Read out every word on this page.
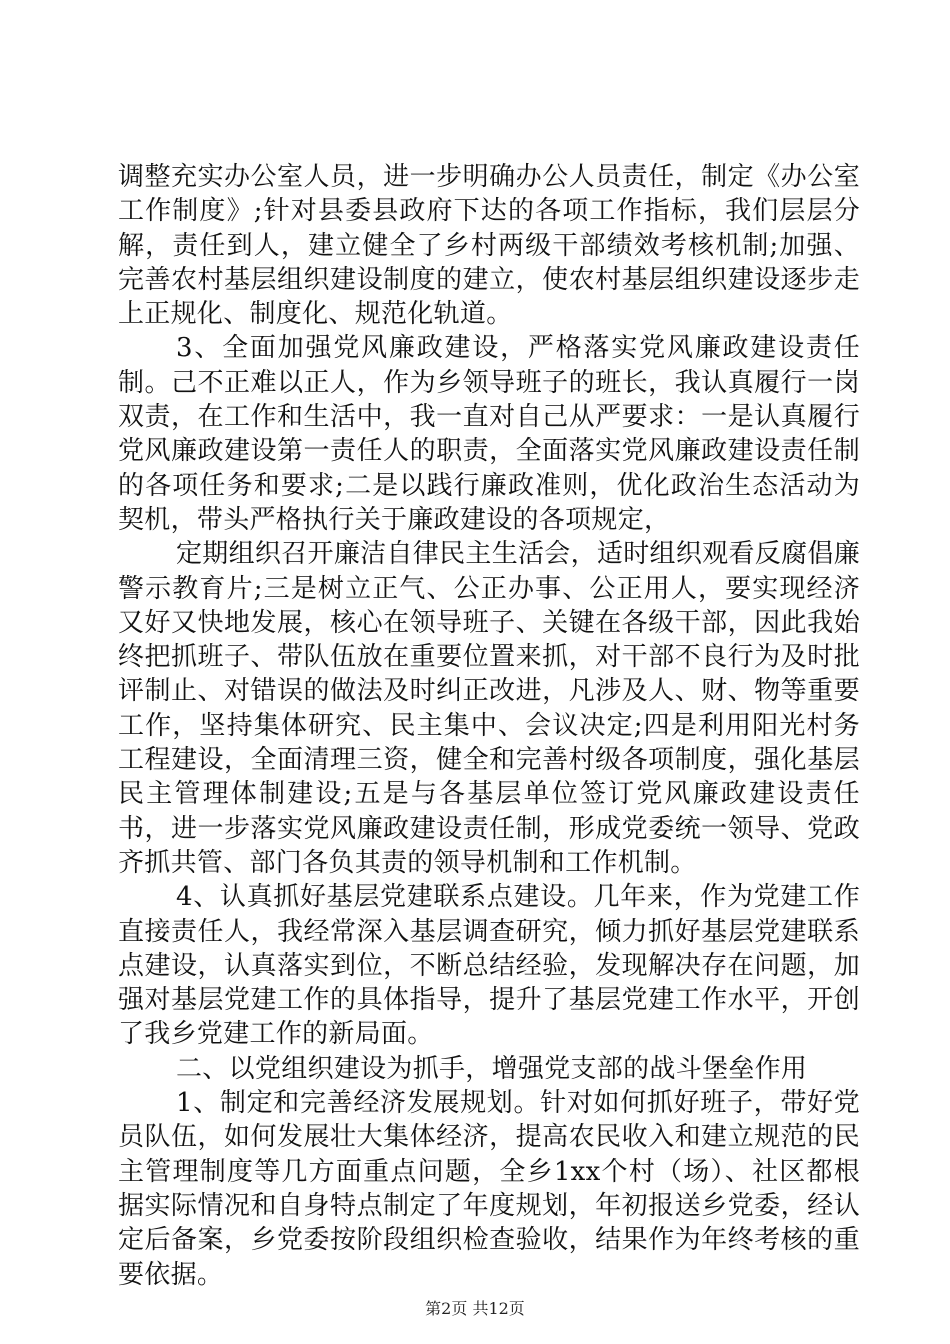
调整充实办公室人员，进一步明确办公人员责任，制定《办公室工作制度》;针对县委县政府下达的各项工作指标，我们层层分解，责任到人，建立健全了乡村两级干部绩效考核机制;加强、完善农村基层组织建设制度的建立，使农村基层组织建设逐步走上正规化、制度化、规范化轨道。

3、全面加强党风廉政建设，严格落实党风廉政建设责任制。己不正难以正人，作为乡领导班子的班长，我认真履行一岗双责，在工作和生活中，我一直对自己从严要求：一是认真履行党风廉政建设第一责任人的职责，全面落实党风廉政建设责任制的各项任务和要求;二是以践行廉政准则，优化政治生态活动为契机，带头严格执行关于廉政建设的各项规定，

定期组织召开廉洁自律民主生活会，适时组织观看反腐倡廉警示教育片;三是树立正气、公正办事、公正用人，要实现经济又好又快地发展，核心在领导班子、关键在各级干部，因此我始终把抓班子、带队伍放在重要位置来抓，对干部不良行为及时批评制止、对错误的做法及时纠正改进，凡涉及人、财、物等重要工作，坚持集体研究、民主集中、会议决定;四是利用阳光村务工程建设，全面清理三资，健全和完善村级各项制度，强化基层民主管理体制建设;五是与各基层单位签订党风廉政建设责任书，进一步落实党风廉政建设责任制，形成党委统一领导、党政齐抓共管、部门各负其责的领导机制和工作机制。

4、认真抓好基层党建联系点建设。几年来，作为党建工作直接责任人，我经常深入基层调查研究，倾力抓好基层党建联系点建设，认真落实到位，不断总结经验，发现解决存在问题，加强对基层党建工作的具体指导，提升了基层党建工作水平，开创了我乡党建工作的新局面。

二、以党组织建设为抓手，增强党支部的战斗堡垒作用

1、制定和完善经济发展规划。针对如何抓好班子，带好党员队伍，如何发展壮大集体经济，提高农民收入和建立规范的民主管理制度等几方面重点问题，全乡1xx个村（场）、社区都根据实际情况和自身特点制定了年度规划，年初报送乡党委，经认定后备案，乡党委按阶段组织检查验收，结果作为年终考核的重要依据。

第2页 共12页
